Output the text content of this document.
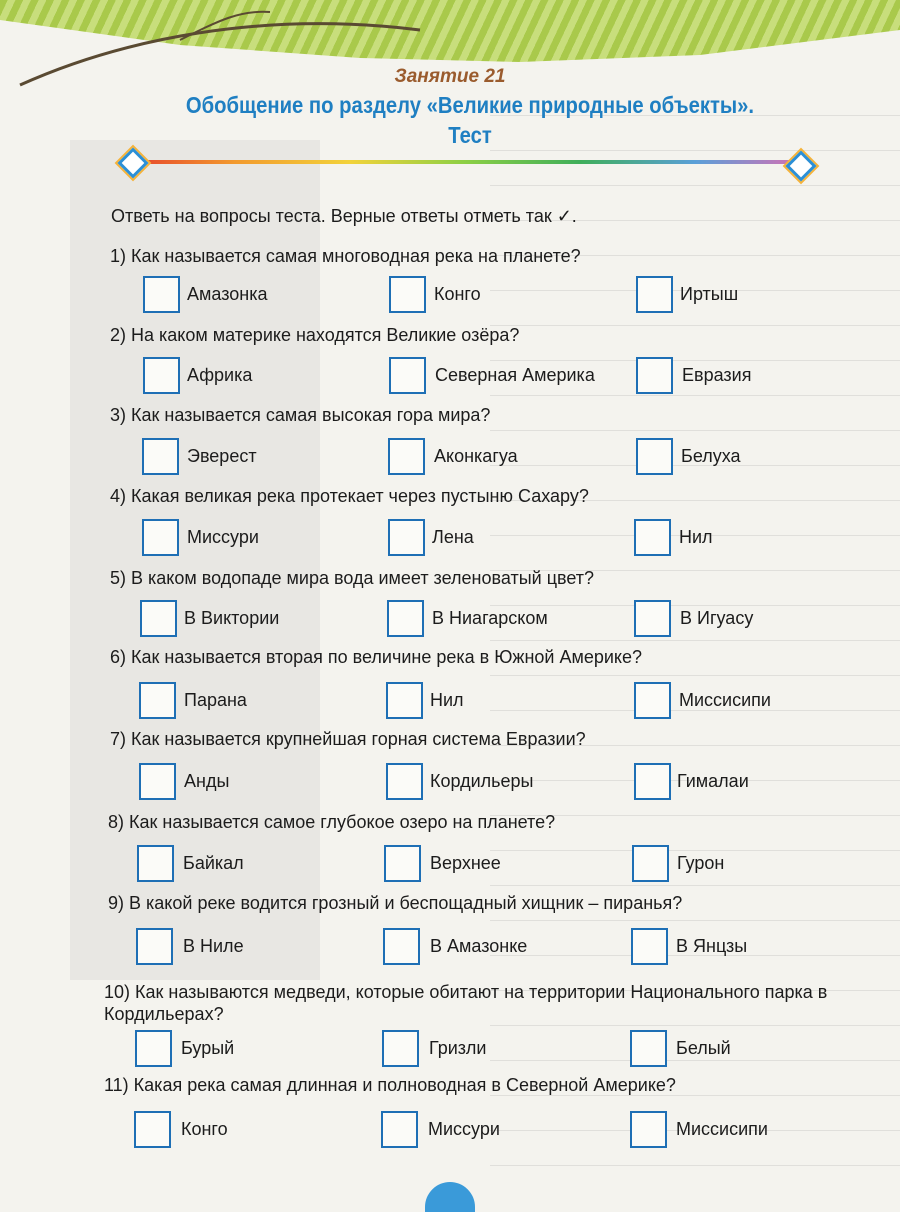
Занятие 21
Обобщение по разделу «Великие природные объекты».
Тест
Ответь на вопросы теста. Верные ответы отметь так ✓.
1) Как называется самая многоводная река на планете?
Амазонка	Конго	Иртыш
2) На каком материке находятся Великие озёра?
Африка	Северная Америка	Евразия
3) Как называется самая высокая гора мира?
Эверест	Аконкагуа	Белуха
4) Какая великая река протекает через пустыню Сахару?
Миссури	Лена	Нил
5) В каком водопаде мира вода имеет зеленоватый цвет?
В Виктории	В Ниагарском	В Игуасу
6) Как называется вторая по величине река в Южной Америке?
Парана	Нил	Миссисипи
7) Как называется крупнейшая горная система Евразии?
Анды	Кордильеры	Гималаи
8) Как называется самое глубокое озеро на планете?
Байкал	Верхнее	Гурон
9) В какой реке водится грозный и беспощадный хищник – пиранья?
В Ниле	В Амазонке	В Янцзы
10) Как называются медведи, которые обитают на территории Национального парка в Кордильерах?
Бурый	Гризли	Белый
11) Какая река самая длинная и полноводная в Северной Америке?
Конго	Миссури	Миссисипи
